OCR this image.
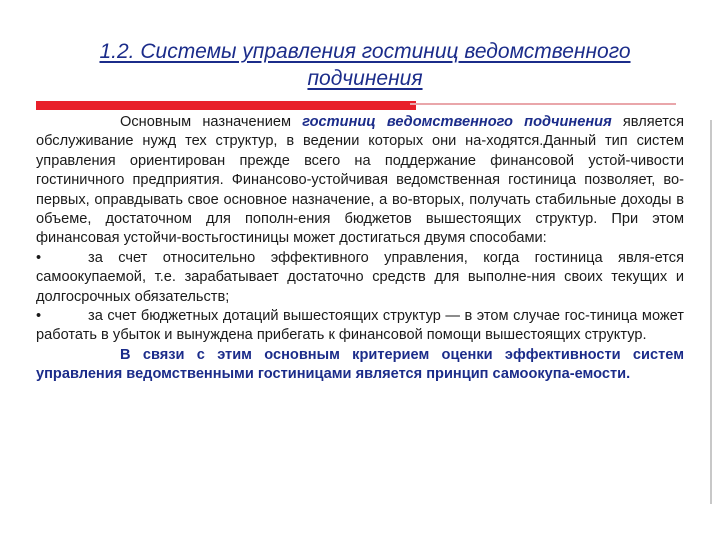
1.2. Системы управления гостиниц ведомственного подчинения

Основным назначением гостиниц ведомственного подчинения является обслуживание нужд тех структур, в ведении которых они на-ходятся.Данный тип систем управления ориентирован прежде всего на поддержание финансовой устой-чивости гостиничного предприятия. Финансово-устойчивая ведомственная гостиница позволяет, во-первых, оправдывать свое основное назначение, а во-вторых, получать стабильные доходы в объеме, достаточном для пополн-ения бюджетов вышестоящих структур. При этом финансовая устойчи-востьгостиницы может достигаться двумя способами:

•	за счет относительно эффективного управления, когда гостиница явля-ется самоокупаемой, т.е. зарабатывает достаточно средств для выполне-ния своих текущих и долгосрочных обязательств;

•	за счет бюджетных дотаций вышестоящих структур — в этом случае гос-тиница может работать в убыток и вынуждена прибегать к финансовой помощи вышестоящих структур.

В связи с этим основным критерием оценки эффективности систем управления ведомственными гостиницами является принцип самоокупа-емости.
